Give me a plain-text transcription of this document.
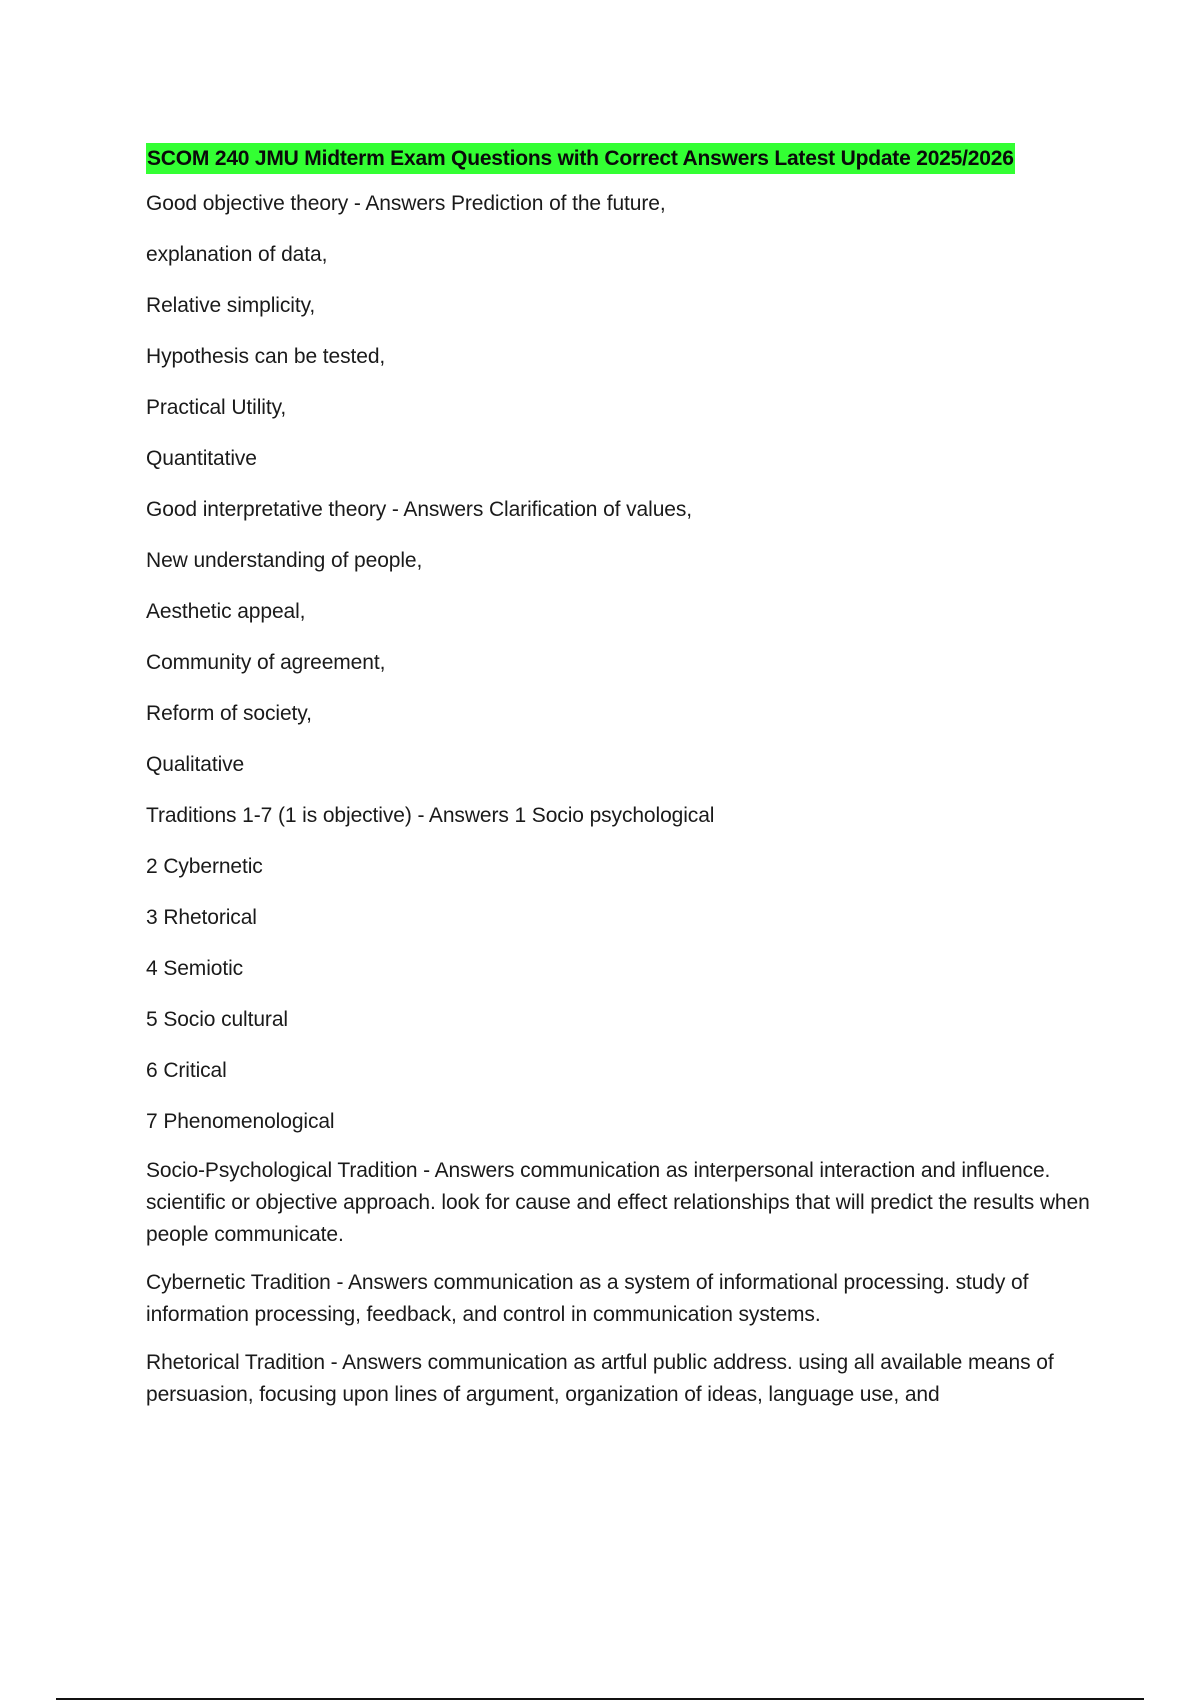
SCOM 240 JMU Midterm Exam Questions with Correct Answers Latest Update 2025/2026
Good objective theory - Answers Prediction of the future,
explanation of data,
Relative simplicity,
Hypothesis can be tested,
Practical Utility,
Quantitative
Good interpretative theory - Answers Clarification of values,
New understanding of people,
Aesthetic appeal,
Community of agreement,
Reform of society,
Qualitative
Traditions 1-7 (1 is objective) - Answers 1 Socio psychological
2 Cybernetic
3 Rhetorical
4 Semiotic
5 Socio cultural
6 Critical
7 Phenomenological
Socio-Psychological Tradition - Answers communication as interpersonal interaction and influence. scientific or objective approach. look for cause and effect relationships that will predict the results when people communicate.
Cybernetic Tradition - Answers communication as a system of informational processing. study of information processing, feedback, and control in communication systems.
Rhetorical Tradition - Answers communication as artful public address. using all available means of persuasion, focusing upon lines of argument, organization of ideas, language use, and
